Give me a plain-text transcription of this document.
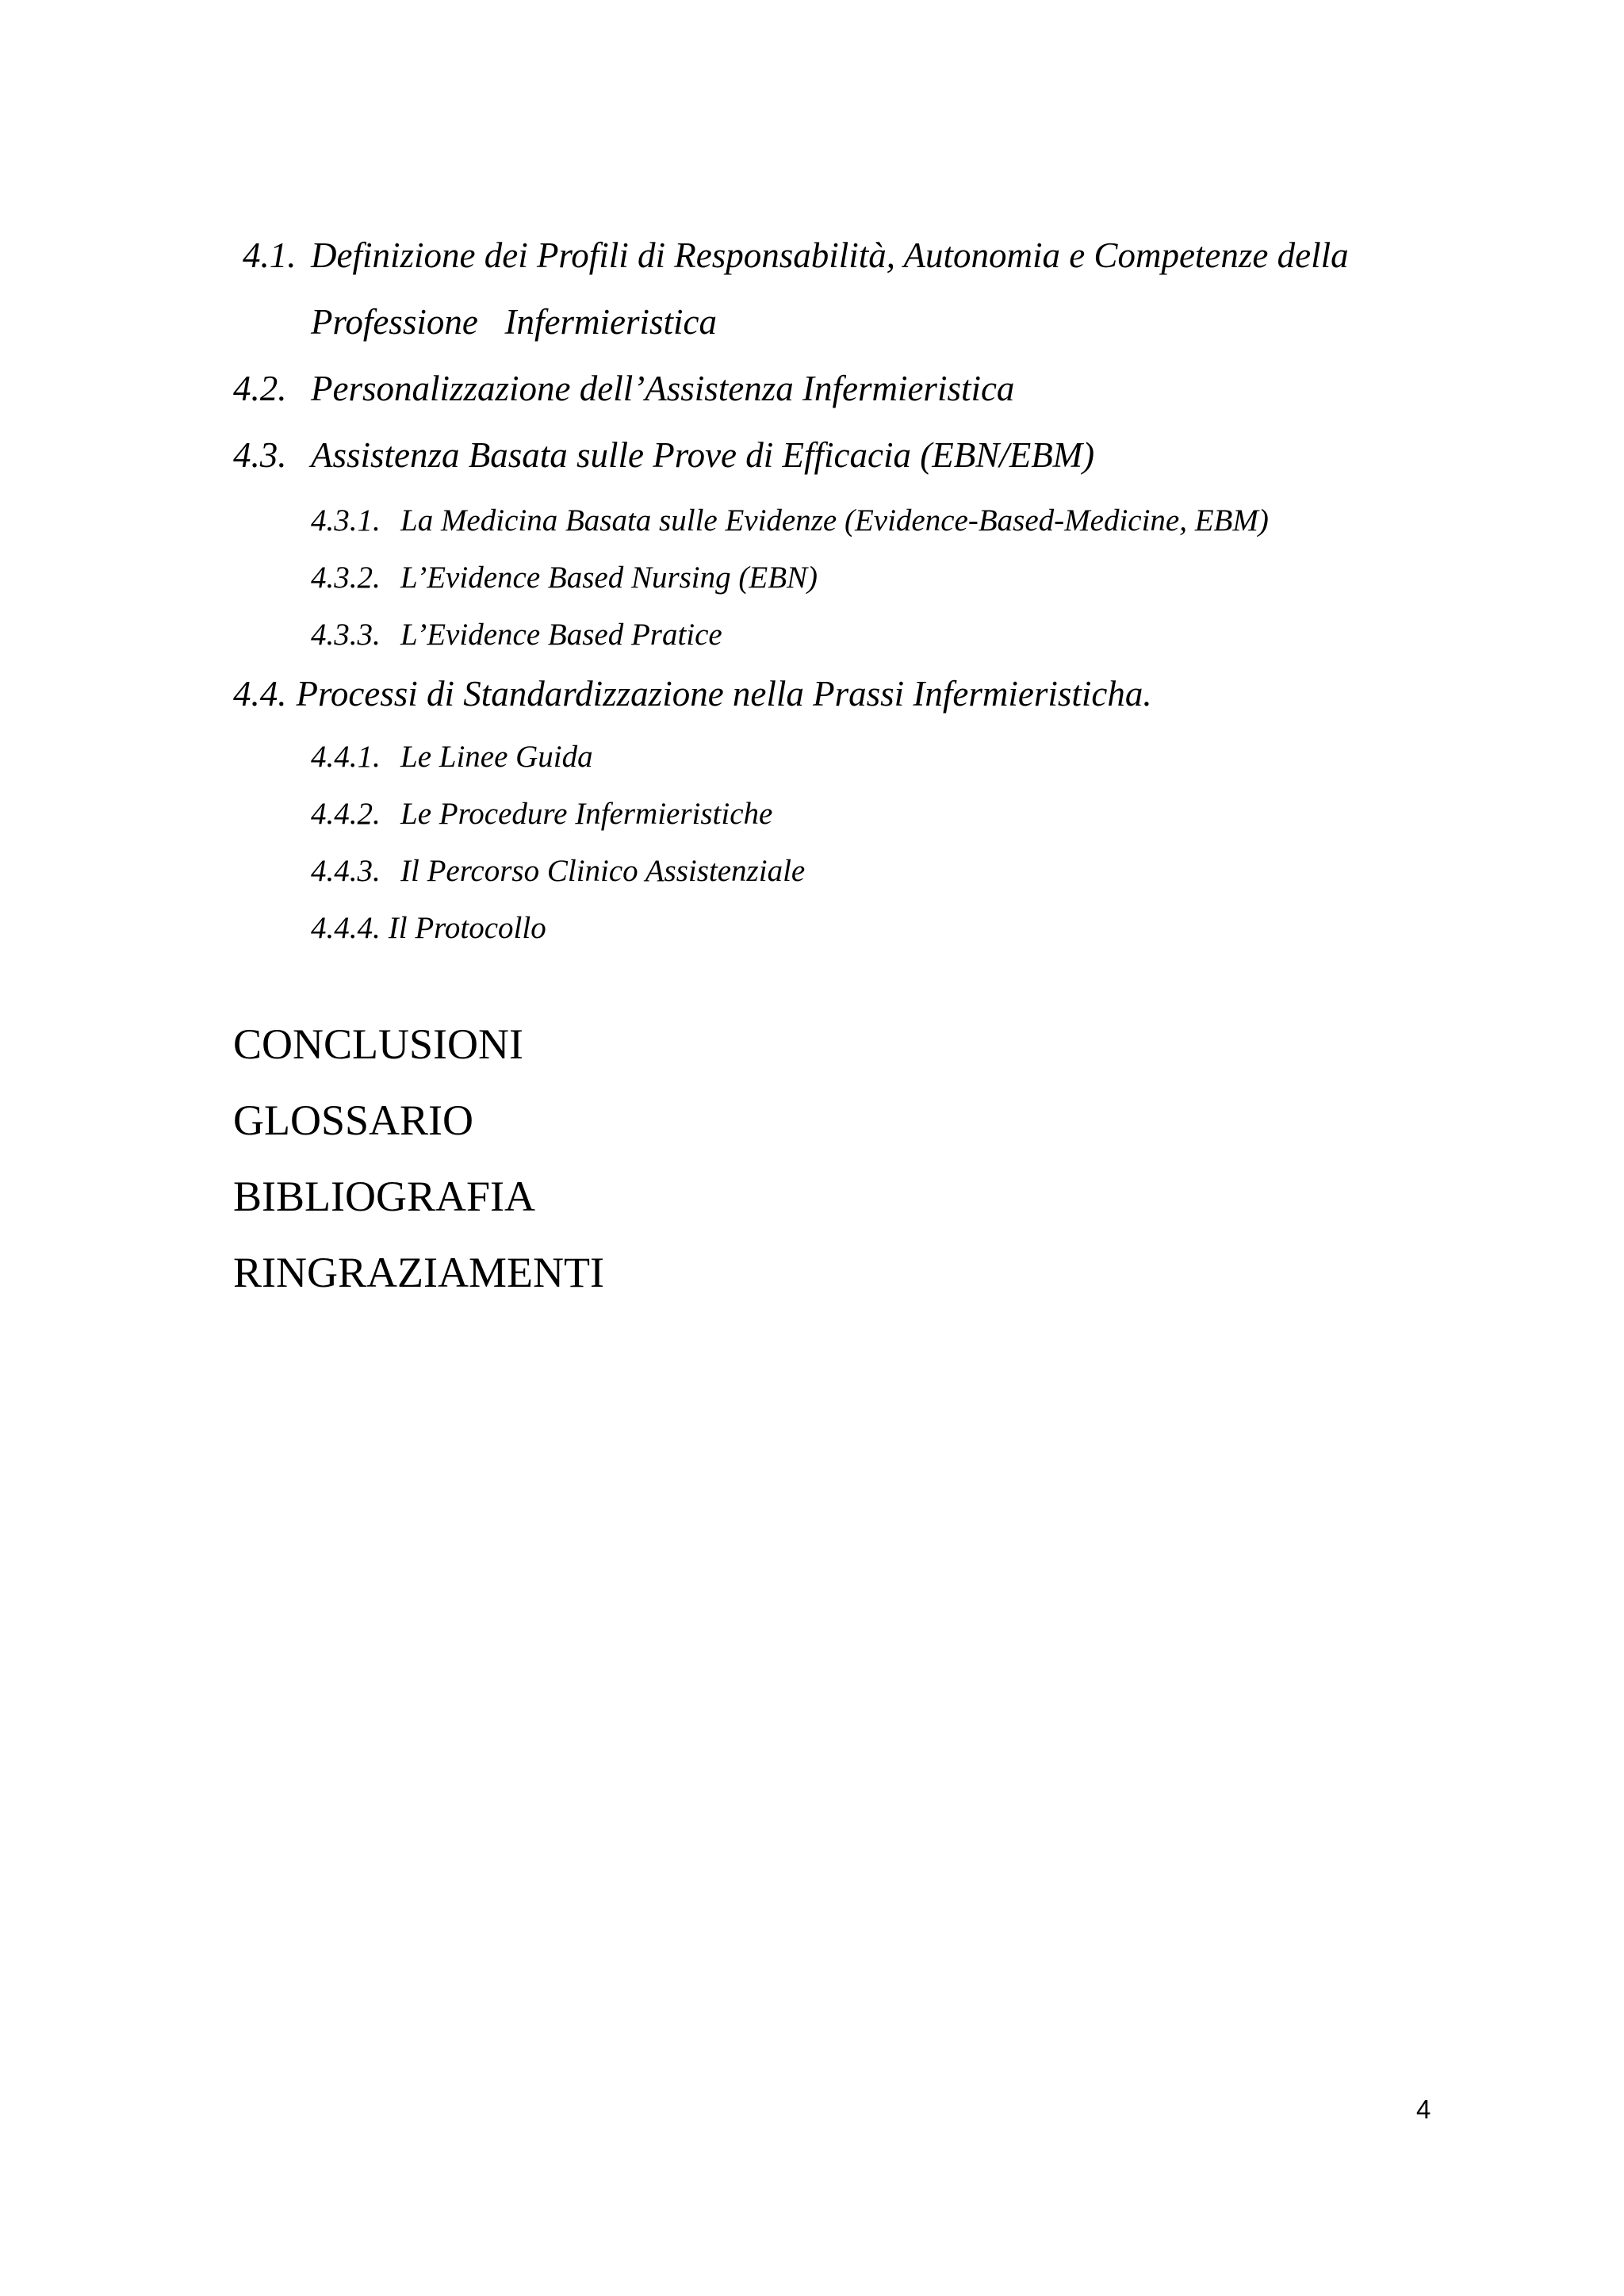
4.1. Definizione dei Profili di Responsabilità, Autonomia e Competenze della
Professione   Infermieristica
4.2. Personalizzazione dell’Assistenza Infermieristica
4.3. Assistenza Basata sulle Prove di Efficacia (EBN/EBM)
4.3.1. La Medicina Basata sulle Evidenze (Evidence-Based-Medicine, EBM)
4.3.2. L’Evidence Based Nursing (EBN)
4.3.3. L’Evidence Based Pratice
4.4. Processi di Standardizzazione nella Prassi Infermieristicha.
4.4.1. Le Linee Guida
4.4.2. Le Procedure Infermieristiche
4.4.3. Il Percorso Clinico Assistenziale
4.4.4. Il Protocollo
CONCLUSIONI
GLOSSARIO
BIBLIOGRAFIA
RINGRAZIAMENTI
4
